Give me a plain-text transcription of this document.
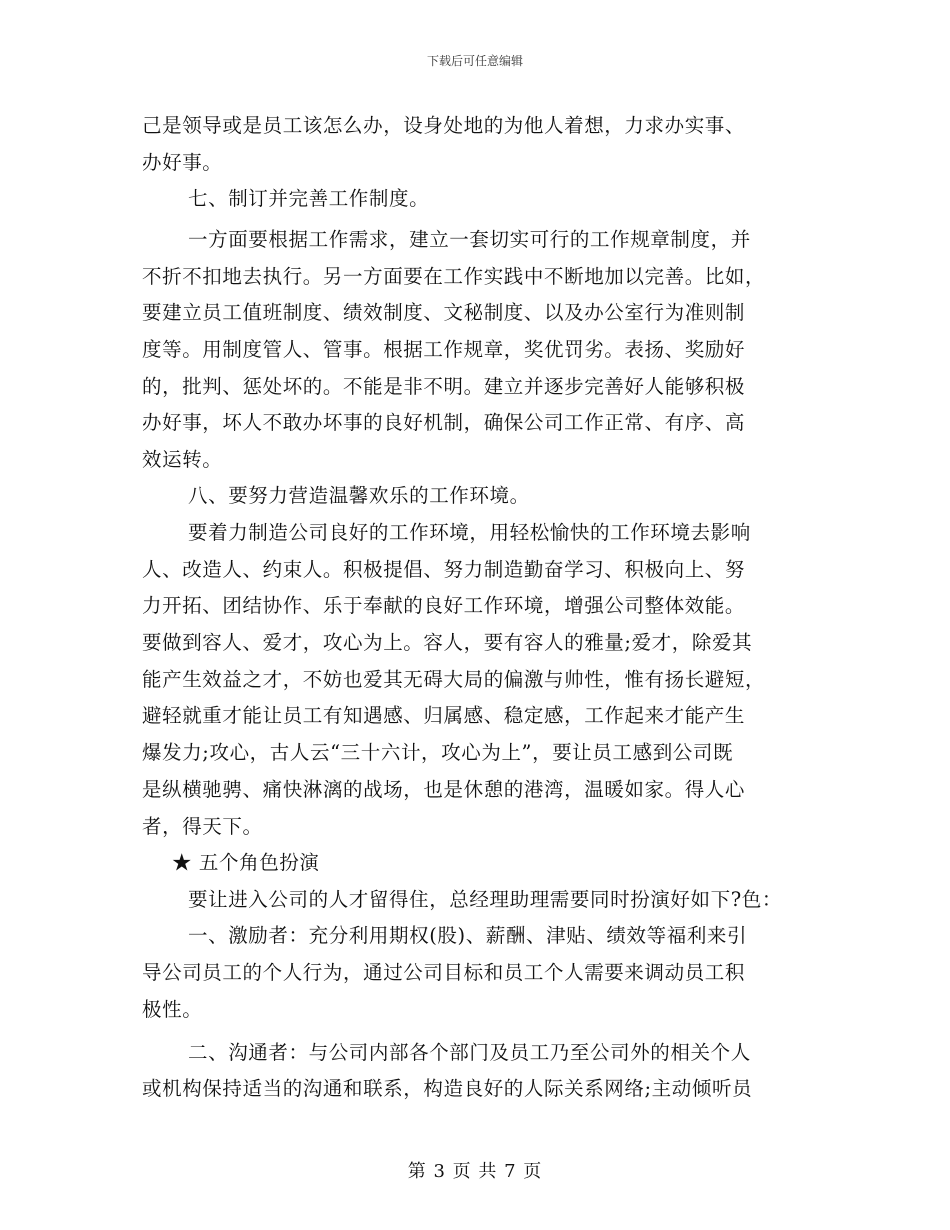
下载后可任意编辑
己是领导或是员工该怎么办，设身处地的为他人着想，力求办实事、
办好事。
七、制订并完善工作制度。
一方面要根据工作需求，建立一套切实可行的工作规章制度，并
不折不扣地去执行。另一方面要在工作实践中不断地加以完善。比如，
要建立员工值班制度、绩效制度、文秘制度、以及办公室行为准则制
度等。用制度管人、管事。根据工作规章，奖优罚劣。表扬、奖励好
的，批判、惩处坏的。不能是非不明。建立并逐步完善好人能够积极
办好事，坏人不敢办坏事的良好机制，确保公司工作正常、有序、高
效运转。
八、要努力营造温馨欢乐的工作环境。
要着力制造公司良好的工作环境，用轻松愉快的工作环境去影响
人、改造人、约束人。积极提倡、努力制造勤奋学习、积极向上、努
力开拓、团结协作、乐于奉献的良好工作环境，增强公司整体效能。
要做到容人、爱才，攻心为上。容人，要有容人的雅量;爱才，除爱其
能产生效益之才，不妨也爱其无碍大局的偏激与帅性，惟有扬长避短，
避轻就重才能让员工有知遇感、归属感、稳定感，工作起来才能产生
爆发力;攻心，古人云“三十六计，攻心为上”，要让员工感到公司既
是纵横驰骋、痛快淋漓的战场，也是休憩的港湾，温暖如家。得人心
者，得天下。
★ 五个角色扮演
要让进入公司的人才留得住，总经理助理需要同时扮演好如下?色：
一、激励者：充分利用期权(股)、薪酬、津贴、绩效等福利来引
导公司员工的个人行为，通过公司目标和员工个人需要来调动员工积
极性。
二、沟通者：与公司内部各个部门及员工乃至公司外的相关个人
或机构保持适当的沟通和联系，构造良好的人际关系网络;主动倾听员
第 3 页 共 7 页
